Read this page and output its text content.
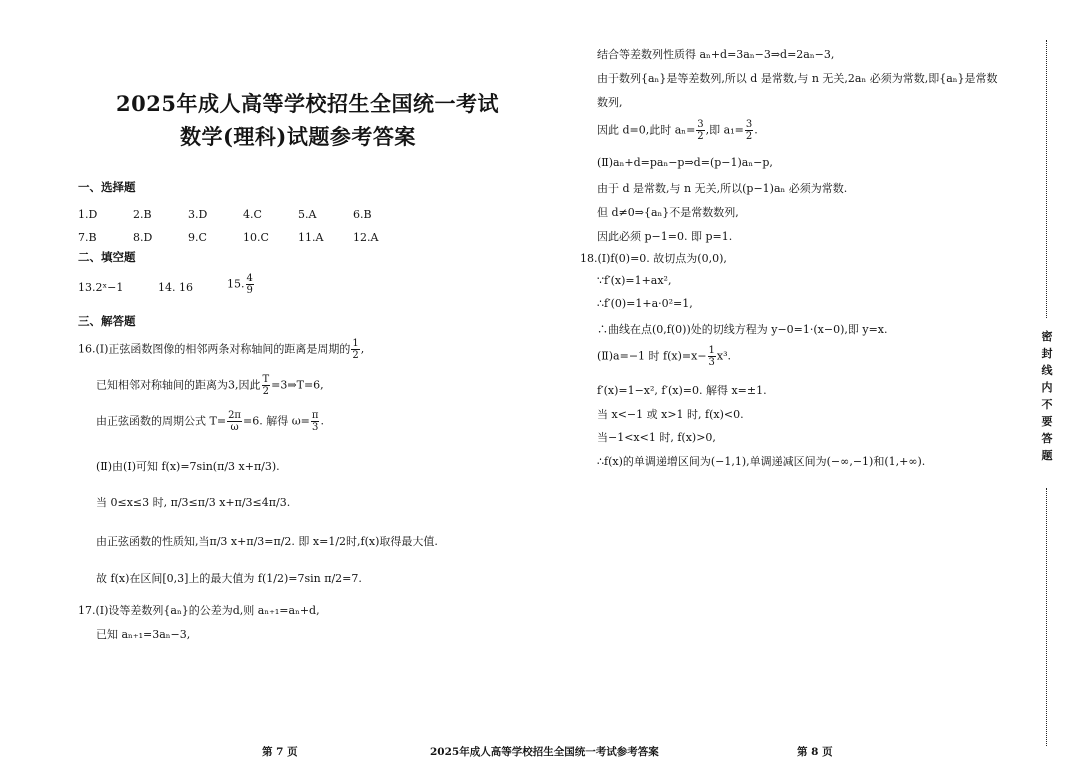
2025年成人高等学校招生全国统一考试
数学(理科)试题参考答案
一、选择题
1.D	2.B	3.D	4.C	5.A	6.B
7.B	8.D	9.C	10.C	11.A	12.A
二、填空题
13.2ˣ−1	14. 16	15. $\frac{4}{9}$
三、解答题
16.(Ⅰ)正弦函数图像的相邻两条对称轴间的距离是周期的 $\frac{1}{2}$ ,
已知相邻对称轴间的距离为3,因此 $\frac{T}{2}$ =3⇒T=6,
由正弦函数的周期公式 $T= \frac{2\pi}{\omega} =6$. 解得 $\omega= \frac{\pi}{3}$ .
(Ⅱ)由(Ⅰ)可知 f(x)=7sin(π/3 x+π/3).
当 0≤x≤3 时, π/3≤π/3 x+π/3≤4π/3.
由正弦函数的性质知,当π/3 x+π/3=π/2. 即 x=1/2时,f(x)取得最大值.
故 f(x)在区间[0,3]上的最大值为 f(1/2)=7sin π/2=7.
17.(Ⅰ)设等差数列{aₙ}的公差为d,则 aₙ₊₁=aₙ+d,
已知 aₙ₊₁=3aₙ−3,
结合等差数列性质得 aₙ+d=3aₙ−3⇒d=2aₙ−3,
由于数列{aₙ}是等差数列,所以 d 是常数,与 n 无关,2aₙ 必须为常数,即{aₙ}是常数
数列,
因此 d=0,此时 $a_n= \frac{3}{2}$ ,即 $a_1= \frac{3}{2}$ .
(Ⅱ)aₙ+d=paₙ−p⇒d=(p−1)aₙ−p,
由于 d 是常数,与 n 无关,所以(p−1)aₙ 必须为常数.
但 d≠0⇒{aₙ}不是常数数列,
因此必须 p−1=0. 即 p=1.
18.(Ⅰ)f(0)=0. 故切点为(0,0),
∵f′(x)=1+ax²,
∴f′(0)=1+a·0²=1,
∴曲线在点(0,f(0))处的切线方程为 y−0=1·(x−0),即 y=x.
(Ⅱ)a=−1 时 $f(x)=x- \frac{1}{3} x^3$.
f′(x)=1−x², f′(x)=0. 解得 x=±1.
当 x<−1 或 x>1 时, f(x)<0.
当−1<x<1 时, f(x)>0,
∴f(x)的单调递增区间为(−1,1),单调递减区间为(−∞,−1)和(1,+∞).
密封线内不要答题
第 7 页	2025年成人高等学校招生全国统一考试参考答案	第 8 页
